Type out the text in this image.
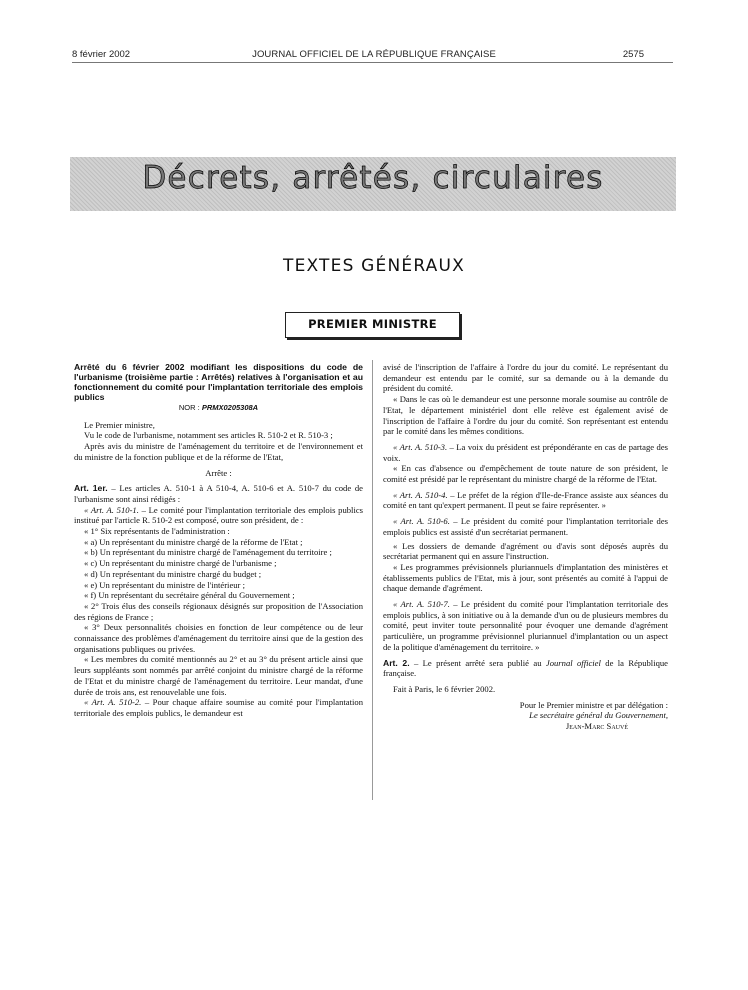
8 février 2002	JOURNAL OFFICIEL DE LA RÉPUBLIQUE FRANÇAISE	2575
Décrets, arrêtés, circulaires
TEXTES GÉNÉRAUX
PREMIER MINISTRE

Arrêté du 6 février 2002 modifiant les dispositions du code de l'urbanisme (troisième partie : Arrêtés) relatives à l'organisation et au fonctionnement du comité pour l'implantation territoriale des emplois publics

NOR : PRMX0205308A

Le Premier ministre,

Vu le code de l'urbanisme, notamment ses articles R. 510-2 et R. 510-3 ;

Après avis du ministre de l'aménagement du territoire et de l'environnement et du ministre de la fonction publique et de la réforme de l'Etat,

Arrête :

Art. 1er. – Les articles A. 510-1 à A 510-4, A. 510-6 et A. 510-7 du code de l'urbanisme sont ainsi rédigés :

« Art. A. 510-1. – Le comité pour l'implantation territoriale des emplois publics institué par l'article R. 510-2 est composé, outre son président, de :

« 1° Six représentants de l'administration :

« a) Un représentant du ministre chargé de la réforme de l'Etat ;

« b) Un représentant du ministre chargé de l'aménagement du territoire ;

« c) Un représentant du ministre chargé de l'urbanisme ;

« d) Un représentant du ministre chargé du budget ;

« e) Un représentant du ministre de l'intérieur ;

« f) Un représentant du secrétaire général du Gouvernement ;

« 2° Trois élus des conseils régionaux désignés sur proposition de l'Association des régions de France ;

« 3° Deux personnalités choisies en fonction de leur compétence ou de leur connaissance des problèmes d'aménagement du territoire ainsi que de la gestion des organisations publiques ou privées.

« Les membres du comité mentionnés au 2° et au 3° du présent article ainsi que leurs suppléants sont nommés par arrêté conjoint du ministre chargé de la réforme de l'Etat et du ministre chargé de l'aménagement du territoire. Leur mandat, d'une durée de trois ans, est renouvelable une fois.

« Art. A. 510-2. – Pour chaque affaire soumise au comité pour l'implantation territoriale des emplois publics, le demandeur est

avisé de l'inscription de l'affaire à l'ordre du jour du comité. Le représentant du demandeur est entendu par le comité, sur sa demande ou à la demande du président du comité.

« Dans le cas où le demandeur est une personne morale soumise au contrôle de l'Etat, le département ministériel dont elle relève est également avisé de l'inscription de l'affaire à l'ordre du jour du comité. Son représentant est entendu par le comité dans les mêmes conditions.

« Art. A. 510-3. – La voix du président est prépondérante en cas de partage des voix.

« En cas d'absence ou d'empêchement de toute nature de son président, le comité est présidé par le représentant du ministre chargé de la réforme de l'Etat.

« Art. A. 510-4. – Le préfet de la région d'Ile-de-France assiste aux séances du comité en tant qu'expert permanent. Il peut se faire représenter. »

« Art. A. 510-6. – Le président du comité pour l'implantation territoriale des emplois publics est assisté d'un secrétariat permanent.

« Les dossiers de demande d'agrément ou d'avis sont déposés auprès du secrétariat permanent qui en assure l'instruction.

« Les programmes prévisionnels pluriannuels d'implantation des ministères et établissements publics de l'Etat, mis à jour, sont présentés au comité à l'appui de chaque demande d'agrément.

« Art. A. 510-7. – Le président du comité pour l'implantation territoriale des emplois publics, à son initiative ou à la demande d'un ou de plusieurs membres du comité, peut inviter toute personnalité pour évoquer une demande d'agrément particulière, un programme prévisionnel pluriannuel d'implantation ou un aspect de la politique d'aménagement du territoire. »

Art. 2. – Le présent arrêté sera publié au Journal officiel de la République française.

Fait à Paris, le 6 février 2002.

Pour le Premier ministre et par délégation :

Le secrétaire général du Gouvernement,

Jean-Marc Sauvé
